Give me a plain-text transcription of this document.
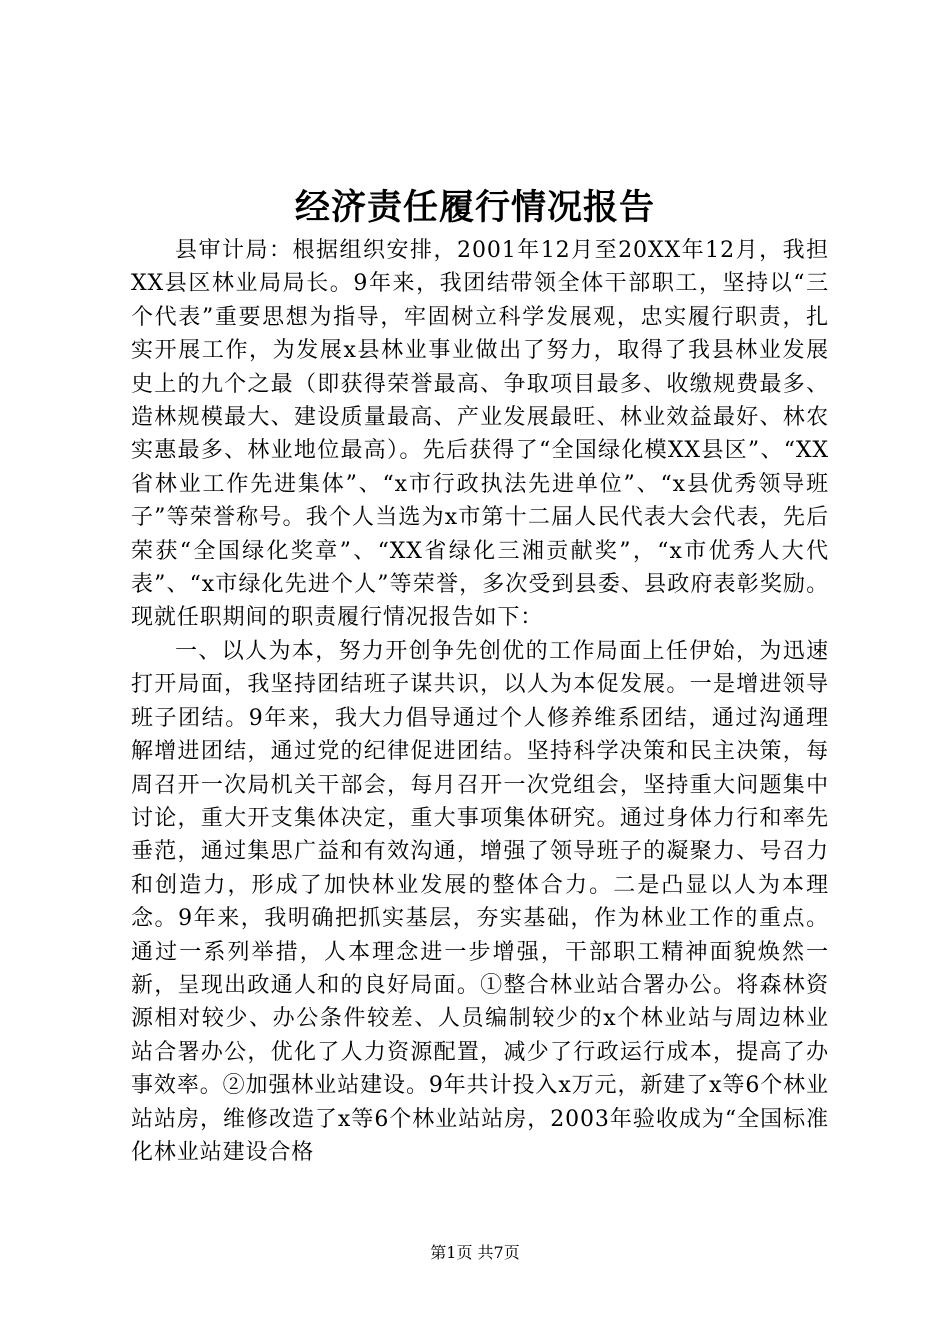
经济责任履行情况报告

县审计局：根据组织安排，2001年12月至20XX年12月，我担XX县区林业局局长。9年来，我团结带领全体干部职工，坚持以“三个代表”重要思想为指导，牢固树立科学发展观，忠实履行职责，扎实开展工作，为发展x县林业事业做出了努力，取得了我县林业发展史上的九个之最（即获得荣誉最高、争取项目最多、收缴规费最多、造林规模最大、建设质量最高、产业发展最旺、林业效益最好、林农实惠最多、林业地位最高）。先后获得了“全国绿化模XX县区”、“XX省林业工作先进集体”、“x市行政执法先进单位”、“x县优秀领导班子”等荣誉称号。我个人当选为x市第十二届人民代表大会代表，先后荣获“全国绿化奖章”、“XX省绿化三湘贡献奖”，“x市优秀人大代表”、“x市绿化先进个人”等荣誉，多次受到县委、县政府表彰奖励。现就任职期间的职责履行情况报告如下：

一、以人为本，努力开创争先创优的工作局面上任伊始，为迅速打开局面，我坚持团结班子谋共识，以人为本促发展。一是增进领导班子团结。9年来，我大力倡导通过个人修养维系团结，通过沟通理解增进团结，通过党的纪律促进团结。坚持科学决策和民主决策，每周召开一次局机关干部会，每月召开一次党组会，坚持重大问题集中讨论，重大开支集体决定，重大事项集体研究。通过身体力行和率先垂范，通过集思广益和有效沟通，增强了领导班子的凝聚力、号召力和创造力，形成了加快林业发展的整体合力。二是凸显以人为本理念。9年来，我明确把抓实基层，夯实基础，作为林业工作的重点。通过一系列举措，人本理念进一步增强，干部职工精神面貌焕然一新，呈现出政通人和的良好局面。①整合林业站合署办公。将森林资源相对较少、办公条件较差、人员编制较少的x个林业站与周边林业站合署办公，优化了人力资源配置，减少了行政运行成本，提高了办事效率。②加强林业站建设。9年共计投入x万元，新建了x等6个林业站站房，维修改造了x等6个林业站站房，2003年验收成为“全国标准化林业站建设合格

第1页 共7页
